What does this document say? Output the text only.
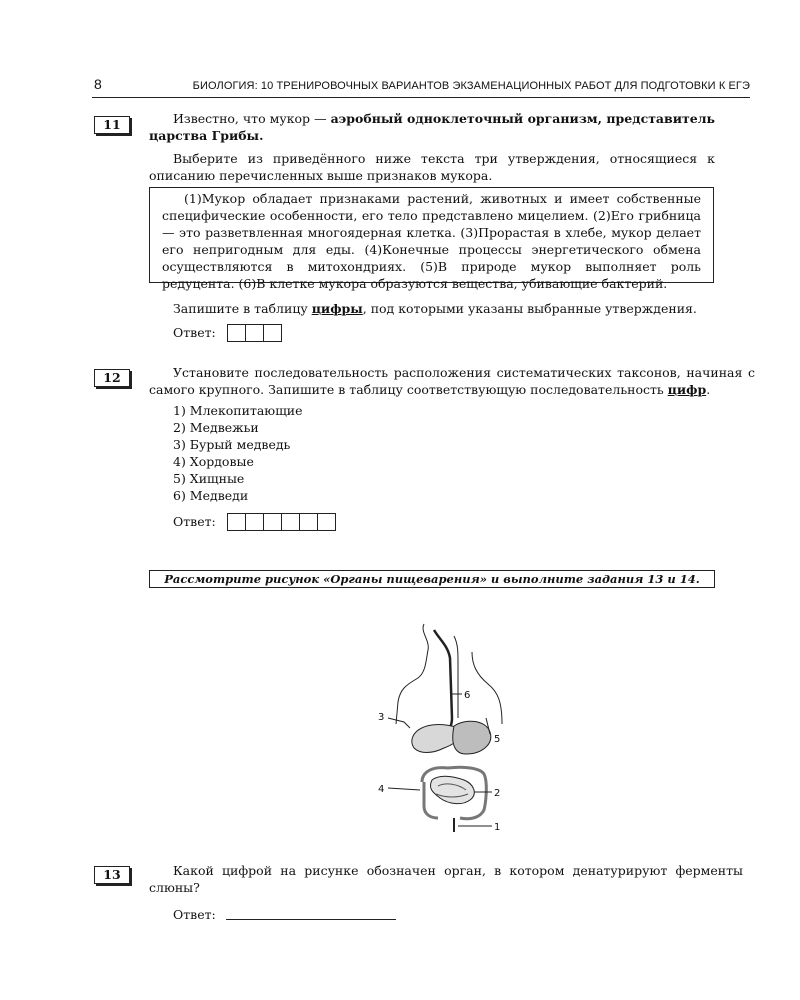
8	БИОЛОГИЯ: 10 ТРЕНИРОВОЧНЫХ ВАРИАНТОВ ЭКЗАМЕНАЦИОННЫХ РАБОТ ДЛЯ ПОДГОТОВКИ К ЕГЭ
11	Известно, что мукор — аэробный одноклеточный организм, представитель царства Грибы.
Выберите из приведённого ниже текста три утверждения, относящиеся к описанию перечисленных выше признаков мукора.
(1)Мукор обладает признаками растений, животных и имеет собственные специфические особенности, его тело представлено мицелием. (2)Его грибница — это разветвленная многоядерная клетка. (3)Прорастая в хлебе, мукор делает его непригодным для еды. (4)Конечные процессы энергетического обмена осуществляются в митохондриях. (5)В природе мукор выполняет роль редуцента. (6)В клетке мукора образуются вещества, убивающие бактерий.
Запишите в таблицу цифры, под которыми указаны выбранные утверждения.
Ответ:
12	Установите последовательность расположения систематических таксонов, начиная с самого крупного. Запишите в таблицу соответствующую последовательность цифр.
1) Млекопитающие
2) Медвежьи
3) Бурый медведь
4) Хордовые
5) Хищные
6) Медведи
Ответ:
Рассмотрите рисунок «Органы пищеварения» и выполните задания 13 и 14.
6
3
5
4	2
1
13	Какой цифрой на рисунке обозначен орган, в котором денатурируют ферменты слюны?
Ответ:
